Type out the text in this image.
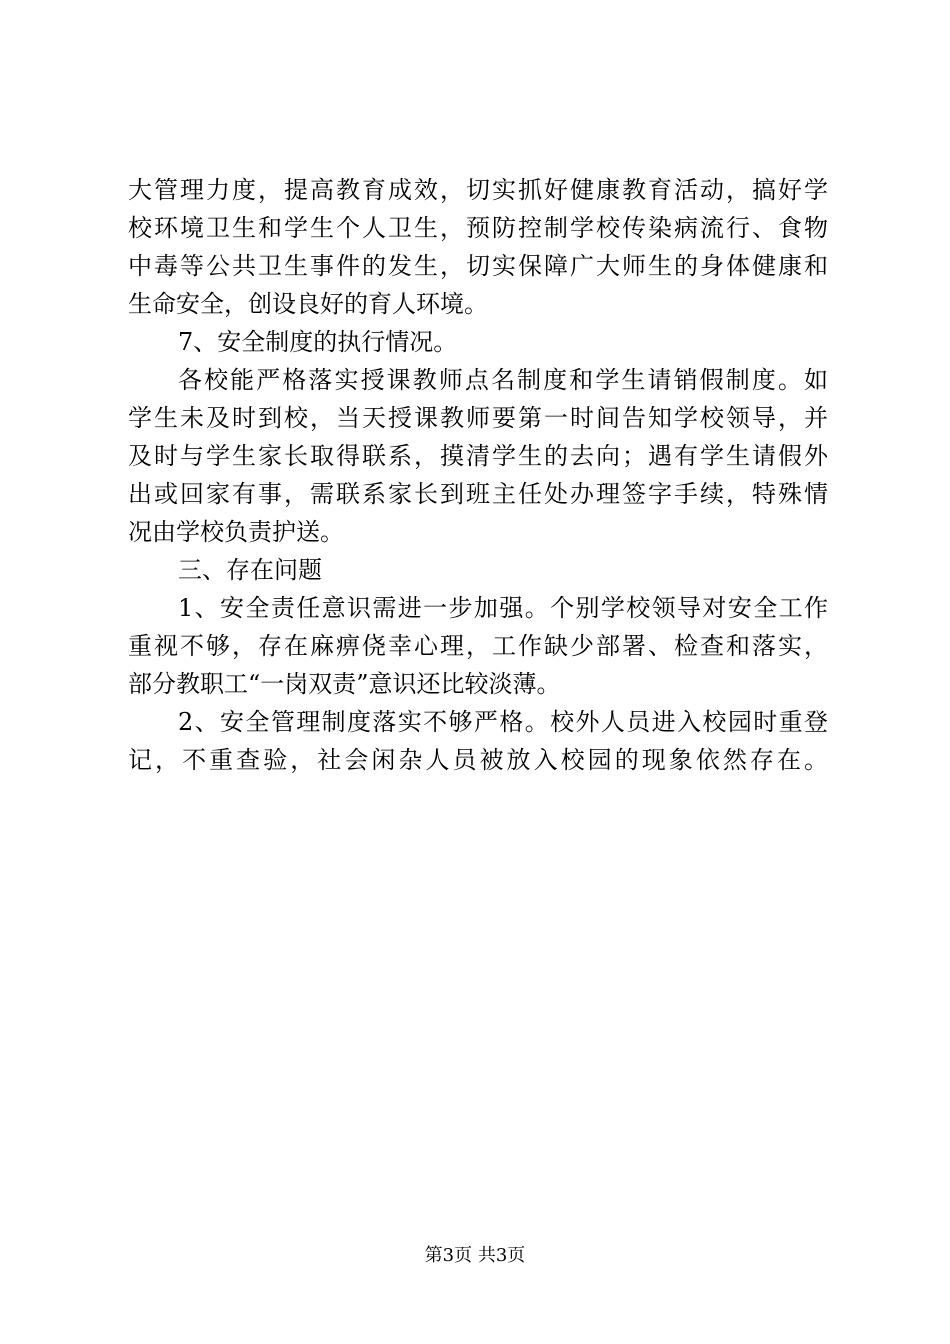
大管理力度，提高教育成效，切实抓好健康教育活动，搞好学
校环境卫生和学生个人卫生，预防控制学校传染病流行、食物
中毒等公共卫生事件的发生，切实保障广大师生的身体健康和
生命安全，创设良好的育人环境。
7、安全制度的执行情况。
各校能严格落实授课教师点名制度和学生请销假制度。如
学生未及时到校，当天授课教师要第一时间告知学校领导，并
及时与学生家长取得联系，摸清学生的去向；遇有学生请假外
出或回家有事，需联系家长到班主任处办理签字手续，特殊情
况由学校负责护送。
三、存在问题
1、安全责任意识需进一步加强。个别学校领导对安全工作
重视不够，存在麻痹侥幸心理，工作缺少部署、检查和落实，
部分教职工“一岗双责”意识还比较淡薄。
2、安全管理制度落实不够严格。校外人员进入校园时重登
记，不重查验，社会闲杂人员被放入校园的现象依然存在。
第3页 共3页
